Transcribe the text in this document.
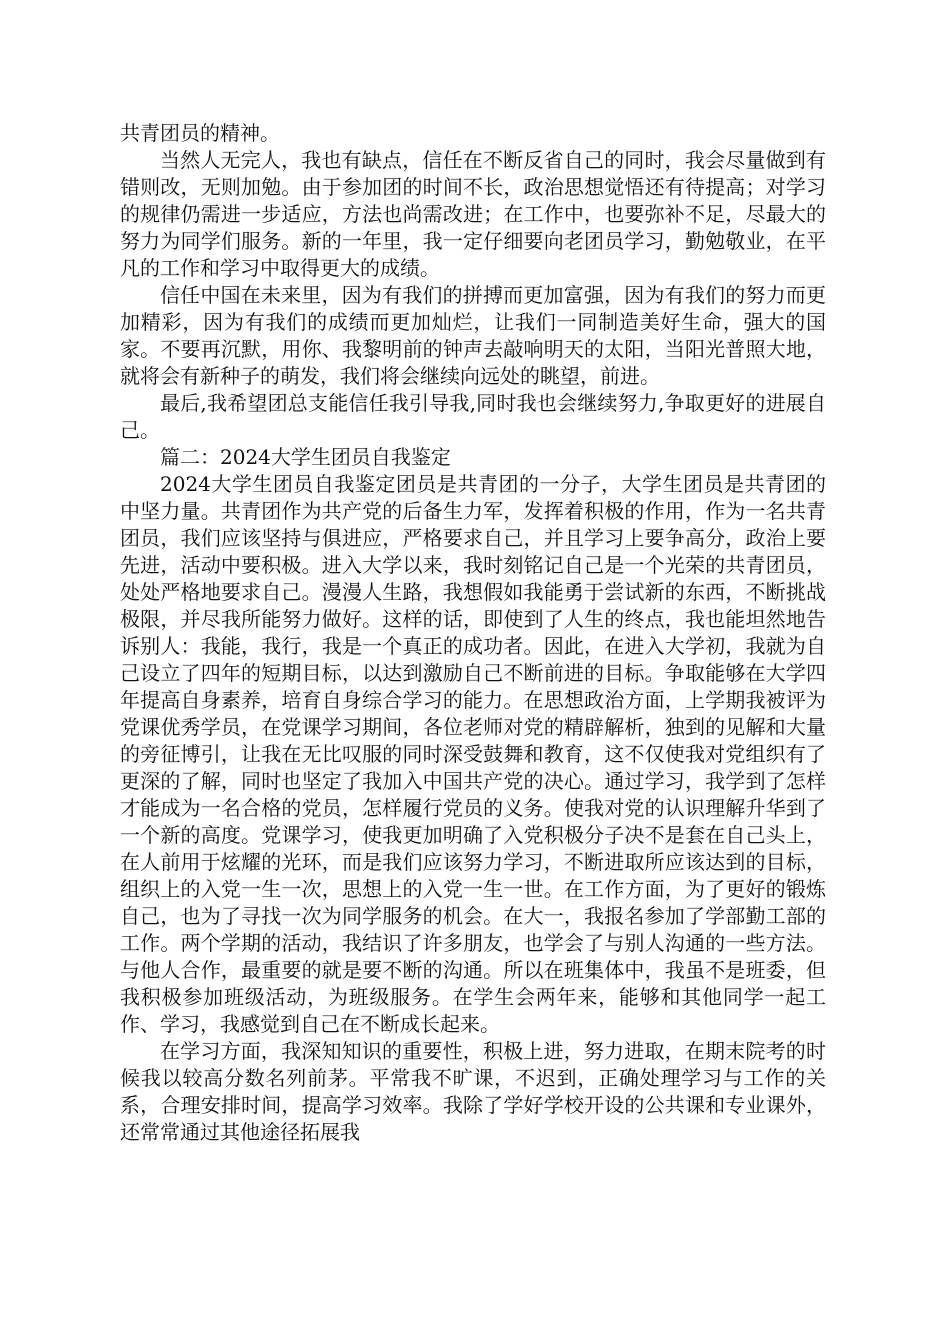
共青团员的精神。

当然人无完人，我也有缺点，信任在不断反省自己的同时，我会尽量做到有错则改，无则加勉。由于参加团的时间不长，政治思想觉悟还有待提高；对学习的规律仍需进一步适应，方法也尚需改进；在工作中，也要弥补不足，尽最大的努力为同学们服务。新的一年里，我一定仔细要向老团员学习，勤勉敬业，在平凡的工作和学习中取得更大的成绩。

信任中国在未来里，因为有我们的拼搏而更加富强，因为有我们的努力而更加精彩，因为有我们的成绩而更加灿烂，让我们一同制造美好生命，强大的国家。不要再沉默，用你、我黎明前的钟声去敲响明天的太阳，当阳光普照大地，就将会有新种子的萌发，我们将会继续向远处的眺望，前进。

最后,我希望团总支能信任我引导我,同时我也会继续努力,争取更好的进展自己。

篇二：2024大学生团员自我鉴定

2024大学生团员自我鉴定团员是共青团的一分子，大学生团员是共青团的中坚力量。共青团作为共产党的后备生力军，发挥着积极的作用，作为一名共青团员，我们应该坚持与俱进应，严格要求自己，并且学习上要争高分，政治上要先进，活动中要积极。进入大学以来，我时刻铭记自己是一个光荣的共青团员，处处严格地要求自己。漫漫人生路，我想假如我能勇于尝试新的东西，不断挑战极限，并尽我所能努力做好。这样的话，即使到了人生的终点，我也能坦然地告诉别人：我能，我行，我是一个真正的成功者。因此，在进入大学初，我就为自己设立了四年的短期目标，以达到激励自己不断前进的目标。争取能够在大学四年提高自身素养，培育自身综合学习的能力。在思想政治方面，上学期我被评为党课优秀学员，在党课学习期间，各位老师对党的精辟解析，独到的见解和大量的旁征博引，让我在无比叹服的同时深受鼓舞和教育，这不仅使我对党组织有了更深的了解，同时也坚定了我加入中国共产党的决心。通过学习，我学到了怎样才能成为一名合格的党员，怎样履行党员的义务。使我对党的认识理解升华到了一个新的高度。党课学习，使我更加明确了入党积极分子决不是套在自己头上，在人前用于炫耀的光环，而是我们应该努力学习，不断进取所应该达到的目标，组织上的入党一生一次，思想上的入党一生一世。在工作方面，为了更好的锻炼自己，也为了寻找一次为同学服务的机会。在大一，我报名参加了学部勤工部的工作。两个学期的活动，我结识了许多朋友，也学会了与别人沟通的一些方法。与他人合作，最重要的就是要不断的沟通。所以在班集体中，我虽不是班委，但我积极参加班级活动，为班级服务。在学生会两年来，能够和其他同学一起工作、学习，我感觉到自己在不断成长起来。

在学习方面，我深知知识的重要性，积极上进，努力进取，在期末院考的时候我以较高分数名列前茅。平常我不旷课，不迟到，正确处理学习与工作的关系，合理安排时间，提高学习效率。我除了学好学校开设的公共课和专业课外，还常常通过其他途径拓展我
